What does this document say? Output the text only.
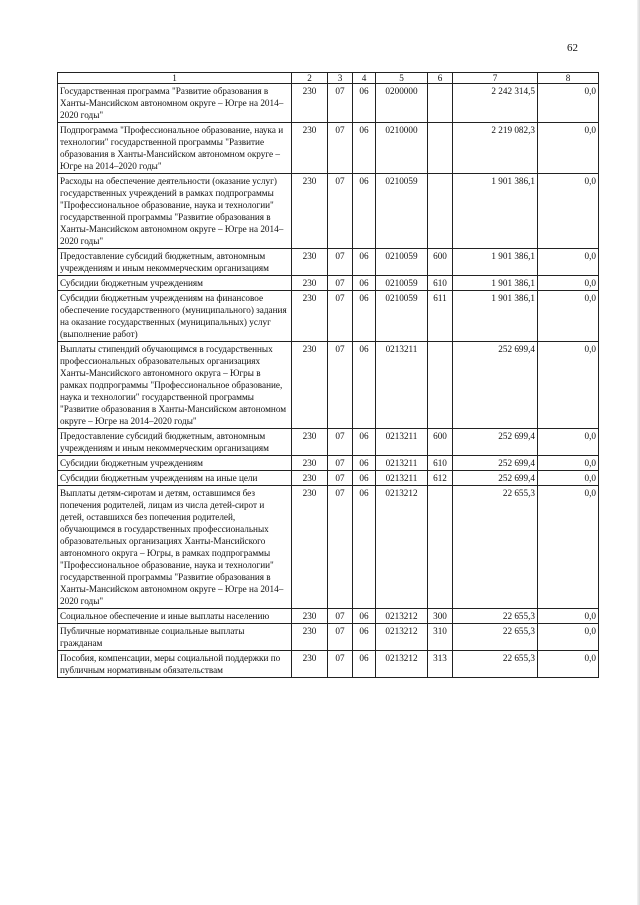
62
1	2	3	4	5	6	7	8
Государственная программа "Развитие образования в Ханты-Мансийском автономном округе – Югре на 2014–2020 годы"	230	07	06	0200000		2 242 314,5	0,0
Подпрограмма "Профессиональное образование, наука и технологии" государственной программы "Развитие образования в Ханты-Мансийском автономном округе – Югре на 2014–2020 годы"	230	07	06	0210000		2 219 082,3	0,0
Расходы на обеспечение деятельности (оказание услуг) государственных учреждений в рамках подпрограммы "Профессиональное образование, наука и технологии" государственной программы "Развитие образования в Ханты-Мансийском автономном округе – Югре на 2014–2020 годы"	230	07	06	0210059		1 901 386,1	0,0
Предоставление субсидий бюджетным, автономным учреждениям и иным некоммерческим организациям	230	07	06	0210059	600	1 901 386,1	0,0
Субсидии бюджетным учреждениям	230	07	06	0210059	610	1 901 386,1	0,0
Субсидии бюджетным учреждениям на финансовое обеспечение государственного (муниципального) задания на оказание государственных (муниципальных) услуг (выполнение работ)	230	07	06	0210059	611	1 901 386,1	0,0
Выплаты стипендий обучающимся в государственных профессиональных образовательных организациях Ханты-Мансийского автономного округа – Югры в рамках подпрограммы "Профессиональное образование, наука и технологии" государственной программы "Развитие образования в Ханты-Мансийском автономном округе – Югре на 2014–2020 годы"	230	07	06	0213211		252 699,4	0,0
Предоставление субсидий бюджетным, автономным учреждениям и иным некоммерческим организациям	230	07	06	0213211	600	252 699,4	0,0
Субсидии бюджетным учреждениям	230	07	06	0213211	610	252 699,4	0,0
Субсидии бюджетным учреждениям на иные цели	230	07	06	0213211	612	252 699,4	0,0
Выплаты детям-сиротам и детям, оставшимся без попечения родителей, лицам из числа детей-сирот и детей, оставшихся без попечения родителей, обучающимся в государственных профессиональных образовательных организациях Ханты-Мансийского автономного округа – Югры, в рамках подпрограммы "Профессиональное образование, наука и технологии" государственной программы "Развитие образования в Ханты-Мансийском автономном округе – Югре на 2014–2020 годы"	230	07	06	0213212		22 655,3	0,0
Социальное обеспечение и иные выплаты населению	230	07	06	0213212	300	22 655,3	0,0
Публичные нормативные социальные выплаты гражданам	230	07	06	0213212	310	22 655,3	0,0
Пособия, компенсации, меры социальной поддержки по публичным нормативным обязательствам	230	07	06	0213212	313	22 655,3	0,0
